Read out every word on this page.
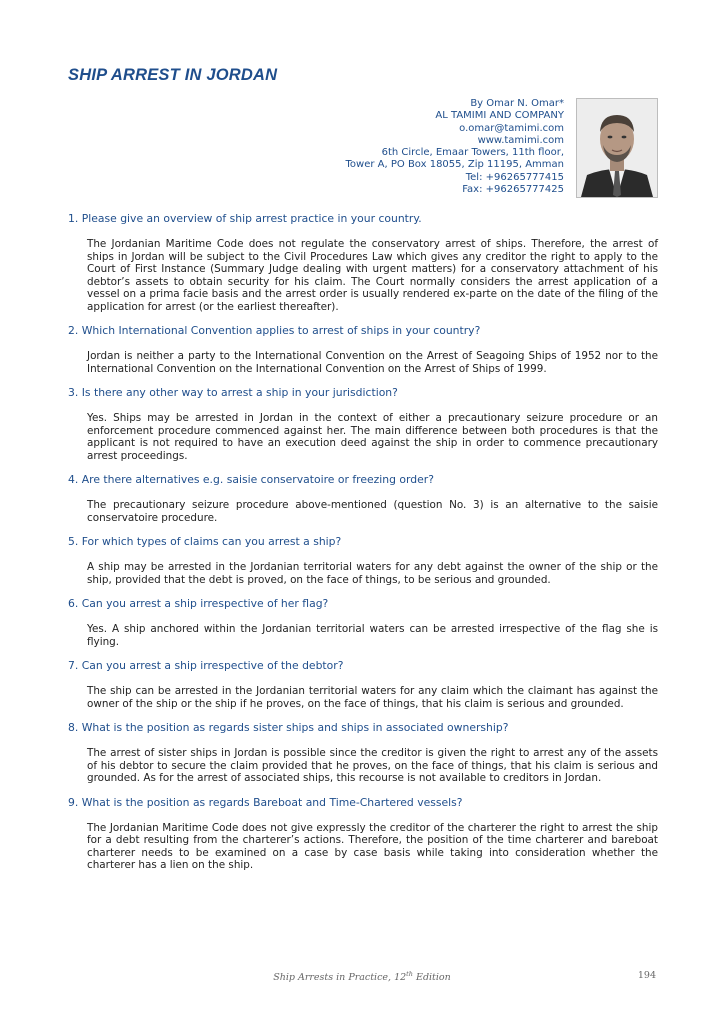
SHIP ARREST IN JORDAN
By Omar N. Omar*
AL TAMIMI AND COMPANY
o.omar@tamimi.com
www.tamimi.com
6th Circle, Emaar Towers, 11th floor,
Tower A, PO Box 18055, Zip 11195, Amman
Tel: +96265777415
Fax: +96265777425

1. Please give an overview of ship arrest practice in your country.

The Jordanian Maritime Code does not regulate the conservatory arrest of ships. Therefore, the arrest of ships in Jordan will be subject to the Civil Procedures Law which gives any creditor the right to apply to the Court of First Instance (Summary Judge dealing with urgent matters) for a conservatory attachment of his debtor’s assets to obtain security for his claim. The Court normally considers the arrest application of a vessel on a prima facie basis and the arrest order is usually rendered ex-parte on the date of the filing of the application for arrest (or the earliest thereafter).

2. Which International Convention applies to arrest of ships in your country?

Jordan is neither a party to the International Convention on the Arrest of Seagoing Ships of 1952 nor to the International Convention on the International Convention on the Arrest of Ships of 1999.

3. Is there any other way to arrest a ship in your jurisdiction?

Yes. Ships may be arrested in Jordan in the context of either a precautionary seizure procedure or an enforcement procedure commenced against her. The main difference between both procedures is that the applicant is not required to have an execution deed against the ship in order to commence precautionary arrest proceedings.

4. Are there alternatives e.g. saisie conservatoire or freezing order?

The precautionary seizure procedure above-mentioned (question No. 3) is an alternative to the saisie conservatoire procedure.

5. For which types of claims can you arrest a ship?

A ship may be arrested in the Jordanian territorial waters for any debt against the owner of the ship or the ship, provided that the debt is proved, on the face of things, to be serious and grounded.

6. Can you arrest a ship irrespective of her flag?

Yes. A ship anchored within the Jordanian territorial waters can be arrested irrespective of the flag she is flying.

7. Can you arrest a ship irrespective of the debtor?

The ship can be arrested in the Jordanian territorial waters for any claim which the claimant has against the owner of the ship or the ship if he proves, on the face of things, that his claim is serious and grounded.

8. What is the position as regards sister ships and ships in associated ownership?

The arrest of sister ships in Jordan is possible since the creditor is given the right to arrest any of the assets of his debtor to secure the claim provided that he proves, on the face of things, that his claim is serious and grounded. As for the arrest of associated ships, this recourse is not available to creditors in Jordan.

9. What is the position as regards Bareboat and Time-Chartered vessels?

The Jordanian Maritime Code does not give expressly the creditor of the charterer the right to arrest the ship for a debt resulting from the charterer’s actions. Therefore, the position of the time charterer and bareboat charterer needs to be examined on a case by case basis while taking into consideration whether the charterer has a lien on the ship.

Ship Arrests in Practice, 12th Edition	194
